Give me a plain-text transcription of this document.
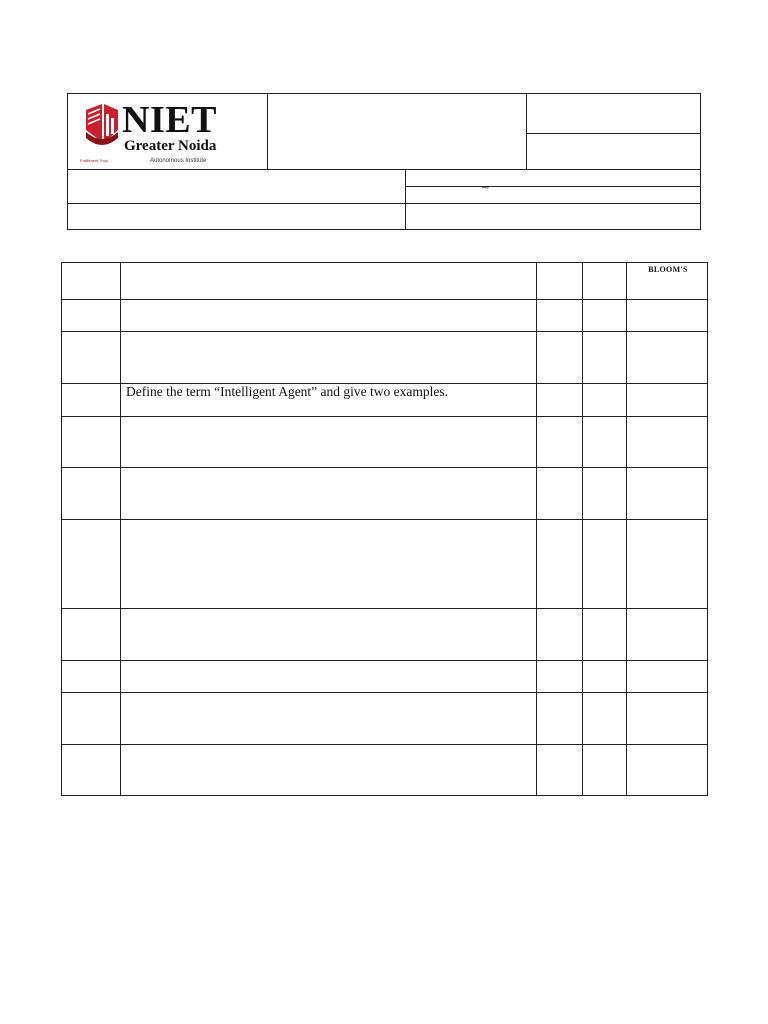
NIET
Greater Noida
Autonomous Institute
Fulfillment Truly
–
BLOOM'S
Define the term “Intelligent Agent” and give two examples.
